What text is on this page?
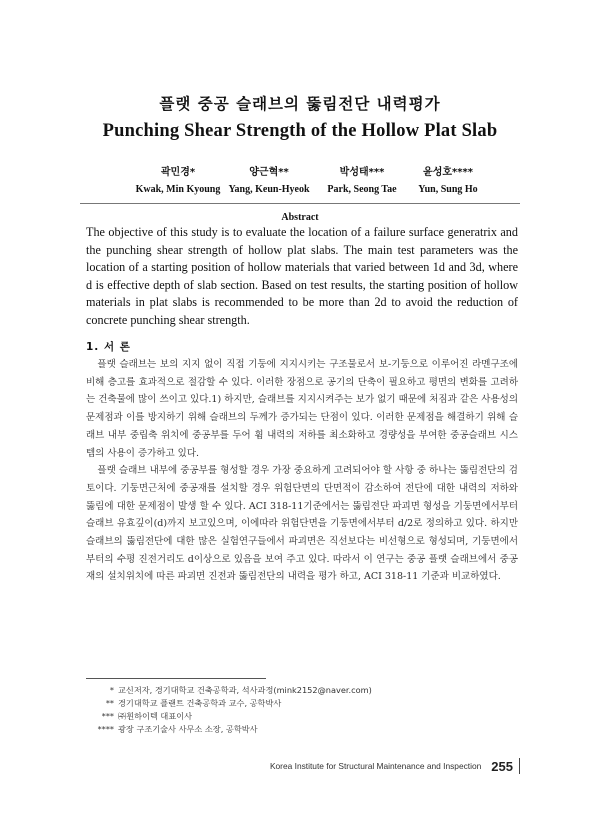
플랫 중공 슬래브의 뚫림전단 내력평가
Punching Shear Strength of the Hollow Plat Slab
곽민경*
Kwak, Min Kyoung
양근혁**
Yang, Keun-Hyeok
박성태***
Park, Seong Tae
윤성호****
Yun, Sung Ho
Abstract
The objective of this study is to evaluate the location of a failure surface generatrix and the punching shear strength of hollow plat slabs. The main test parameters was the location of a starting position of hollow materials that varied between 1d and 3d, where d is effective depth of slab section. Based on test results, the starting position of hollow materials in plat slabs is recommended to be more than 2d to avoid the reduction of concrete punching shear strength.
1. 서 론

플랫 슬래브는 보의 지지 없이 직접 기둥에 지지시키는 구조물로서 보-기둥으로 이루어진 라멘구조에 비해 층고를 효과적으로 절감할 수 있다. 이러한 장점으로 공기의 단축이 필요하고 평면의 변화를 고려하는 건축물에 많이 쓰이고 있다.1) 하지만, 슬래브를 지지시켜주는 보가 없기 때문에 처짐과 같은 사용성의 문제점과 이를 방지하기 위해 슬래브의 두께가 증가되는 단점이 있다. 이러한 문제점을 해결하기 위해 슬래브 내부 중립축 위치에 중공부를 두어 휨 내력의 저하를 최소화하고 경량성을 부여한 중공슬래브 시스템의 사용이 증가하고 있다.

플랫 슬래브 내부에 중공부를 형성할 경우 가장 중요하게 고려되어야 할 사항 중 하나는 뚫림전단의 검토이다. 기둥면근처에 중공재를 설치할 경우 위험단면의 단면적이 감소하여 전단에 대한 내력의 저하와 뚫림에 대한 문제점이 발생 할 수 있다. ACI 318-11기준에서는 뚫림전단 파괴면 형성을 기둥면에서부터 슬래브 유효깊이(d)까지 보고있으며, 이에따라 위험단면을 기둥면에서부터 d/2로 정의하고 있다. 하지만 슬래브의 뚫림전단에 대한 많은 실험연구들에서 파괴면은 직선보다는 비선형으로 형성되며, 기둥면에서부터의 수평 진전거리도 d이상으로 있음을 보여 주고 있다. 따라서 이 연구는 중공 플랫 슬래브에서 중공재의 설치위치에 따른 파괴면 진전과 뚫림전단의 내력을 평가 하고, ACI 318-11 기준과 비교하였다.

* 교신저자, 경기대학교 건축공학과, 석사과정(mink2152@naver.com)
** 경기대학교 플랜트 건축공학과 교수, 공학박사
*** ㈜휜하이텍 대표이사
**** 광장 구조기술사 사무소 소장, 공학박사
Korea Institute for Structural Maintenance and Inspection 255
